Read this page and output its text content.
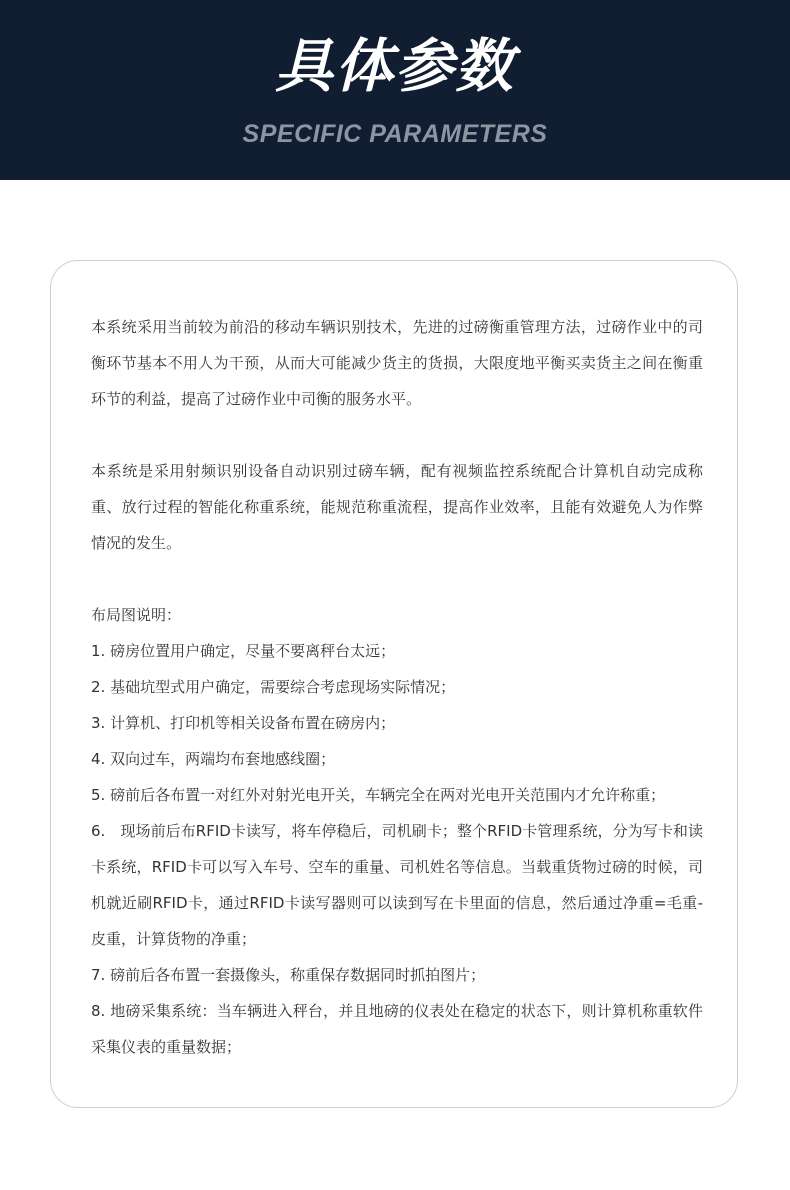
具体参数
SPECIFIC PARAMETERS

本系统采用当前较为前沿的移动车辆识别技术，先进的过磅衡重管理方法，过磅作业中的司衡环节基本不用人为干预，从而大可能减少货主的货损，大限度地平衡买卖货主之间在衡重环节的利益，提高了过磅作业中司衡的服务水平。

本系统是采用射频识别设备自动识别过磅车辆，配有视频监控系统配合计算机自动完成称重、放行过程的智能化称重系统，能规范称重流程，提高作业效率，且能有效避免人为作弊情况的发生。

布局图说明：

1. 磅房位置用户确定，尽量不要离秤台太远；

2. 基础坑型式用户确定，需要综合考虑现场实际情况；

3. 计算机、打印机等相关设备布置在磅房内；

4. 双向过车，两端均布套地感线圈；

5. 磅前后各布置一对红外对射光电开关，车辆完全在两对光电开关范围内才允许称重；

6.　现场前后布RFID卡读写，将车停稳后，司机刷卡；整个RFID卡管理系统，分为写卡和读卡系统，RFID卡可以写入车号、空车的重量、司机姓名等信息。当载重货物过磅的时候，司机就近刷RFID卡，通过RFID卡读写器则可以读到写在卡里面的信息，然后通过净重=毛重-皮重，计算货物的净重；

7. 磅前后各布置一套摄像头，称重保存数据同时抓拍图片；

8. 地磅采集系统：当车辆进入秤台，并且地磅的仪表处在稳定的状态下，则计算机称重软件采集仪表的重量数据；
